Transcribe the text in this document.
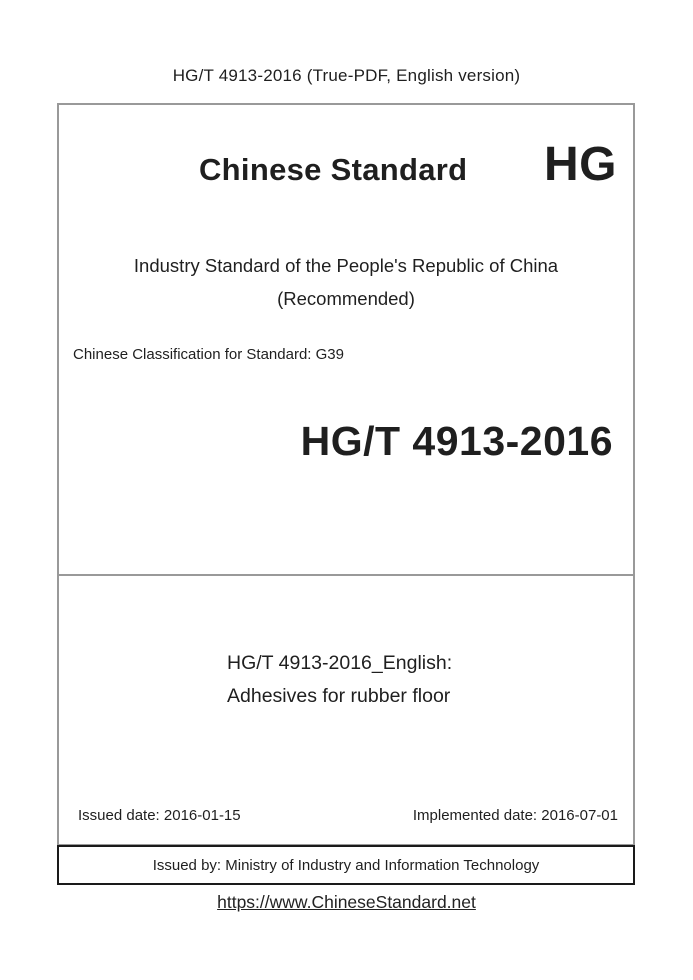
HG/T 4913-2016 (True-PDF, English version)
Chinese Standard HG
Industry Standard of the People's Republic of China
(Recommended)
Chinese Classification for Standard: G39
HG/T 4913-2016
HG/T 4913-2016_English:
Adhesives for rubber floor
Issued date: 2016-01-15	Implemented date: 2016-07-01
Issued by: Ministry of Industry and Information Technology
https://www.ChineseStandard.net
